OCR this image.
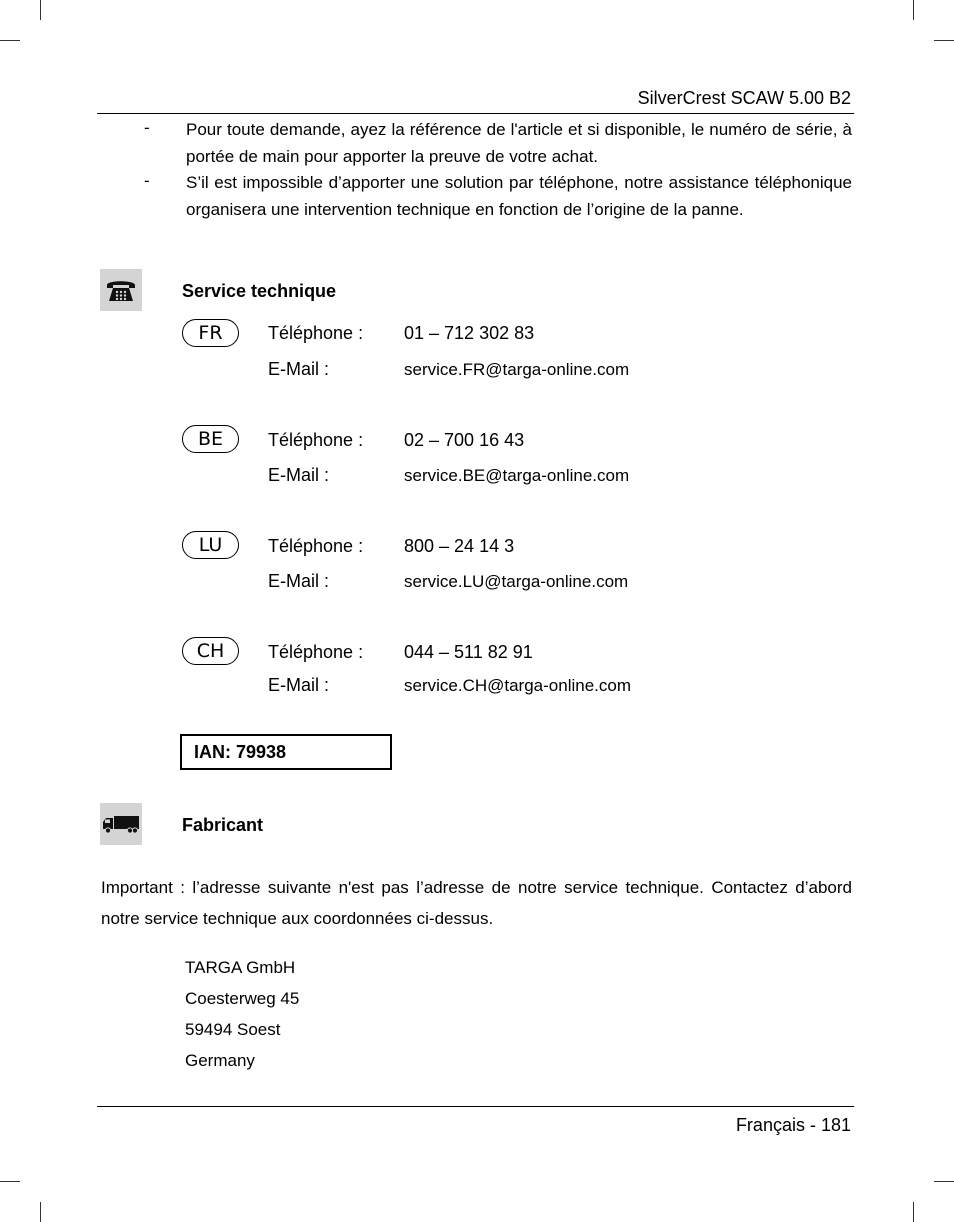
SilverCrest SCAW 5.00 B2
- Pour toute demande, ayez la référence de l'article et si disponible, le numéro de série, à portée de main pour apporter la preuve de votre achat.
- S’il est impossible d’apporter une solution par téléphone, notre assistance téléphonique organisera une intervention technique en fonction de l’origine de la panne.
Service technique
FR	Téléphone : 01 – 712 302 83
E-Mail :	service.FR@targa-online.com
BE	Téléphone : 02 – 700 16 43
E-Mail :	service.BE@targa-online.com
LU	Téléphone : 800 – 24 14 3
E-Mail :	service.LU@targa-online.com
CH	Téléphone : 044 – 511 82 91
E-Mail :	service.CH@targa-online.com
IAN: 79938
Fabricant
Important : l’adresse suivante n'est pas l’adresse de notre service technique. Contactez d’abord notre service technique aux coordonnées ci-dessus.
TARGA GmbH
Coesterweg 45
59494 Soest
Germany
Français - 181
